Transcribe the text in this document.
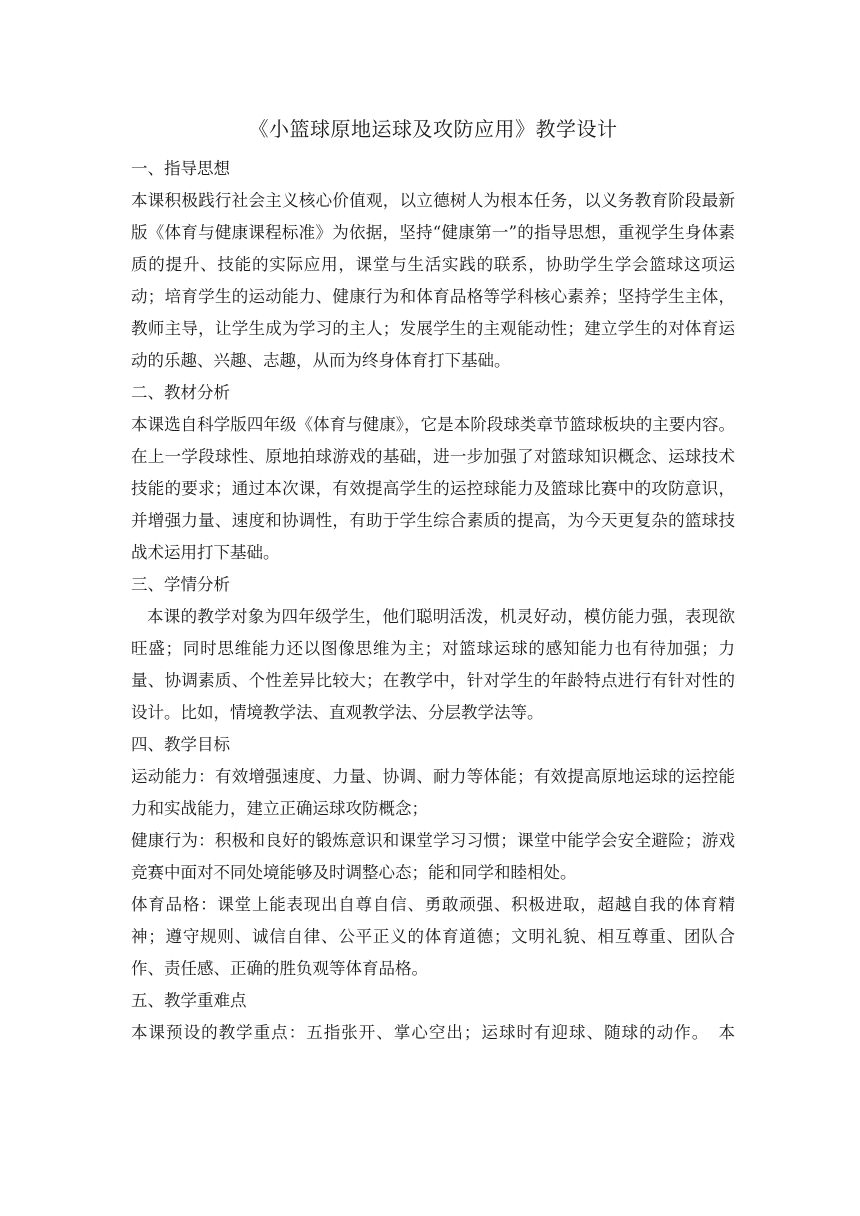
《小篮球原地运球及攻防应用》教学设计
一、指导思想

本课积极践行社会主义核心价值观，以立德树人为根本任务，以义务教育阶段最新版《体育与健康课程标准》为依据，坚持“健康第一”的指导思想，重视学生身体素质的提升、技能的实际应用，课堂与生活实践的联系，协助学生学会篮球这项运动；培育学生的运动能力、健康行为和体育品格等学科核心素养；坚持学生主体，教师主导，让学生成为学习的主人；发展学生的主观能动性；建立学生的对体育运动的乐趣、兴趣、志趣，从而为终身体育打下基础。

二、教材分析

本课选自科学版四年级《体育与健康》，它是本阶段球类章节篮球板块的主要内容。在上一学段球性、原地拍球游戏的基础，进一步加强了对篮球知识概念、运球技术技能的要求；通过本次课，有效提高学生的运控球能力及篮球比赛中的攻防意识，并增强力量、速度和协调性，有助于学生综合素质的提高，为今天更复杂的篮球技战术运用打下基础。

三、学情分析

本课的教学对象为四年级学生，他们聪明活泼，机灵好动，模仿能力强，表现欲旺盛；同时思维能力还以图像思维为主；对篮球运球的感知能力也有待加强；力量、协调素质、个性差异比较大；在教学中，针对学生的年龄特点进行有针对性的设计。比如，情境教学法、直观教学法、分层教学法等。

四、教学目标

运动能力：有效增强速度、力量、协调、耐力等体能；有效提高原地运球的运控能力和实战能力，建立正确运球攻防概念；

健康行为：积极和良好的锻炼意识和课堂学习习惯；课堂中能学会安全避险；游戏竞赛中面对不同处境能够及时调整心态；能和同学和睦相处。

体育品格：课堂上能表现出自尊自信、勇敢顽强、积极进取，超越自我的体育精神；遵守规则、诚信自律、公平正义的体育道德；文明礼貌、相互尊重、团队合作、责任感、正确的胜负观等体育品格。

五、教学重难点

本课预设的教学重点：五指张开、掌心空出；运球时有迎球、随球的动作。　本
